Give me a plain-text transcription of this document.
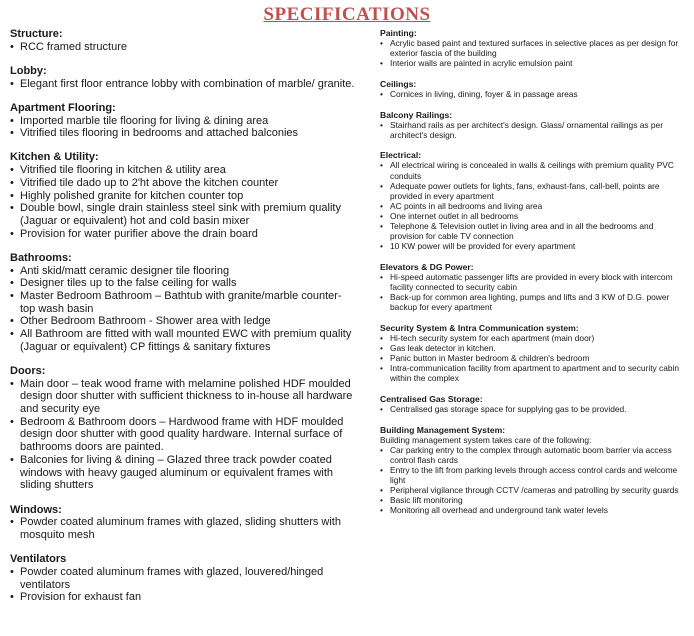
SPECIFICATIONS
Structure:
• RCC framed structure
Lobby:
• Elegant first floor entrance lobby with combination of marble/ granite.
Apartment Flooring:
• Imported marble tile flooring for living & dining area
• Vitrified tiles flooring in bedrooms and attached balconies
Kitchen & Utility:
• Vitrified tile flooring in kitchen & utility area
• Vitrified tile dado up to 2'ht above the kitchen counter
• Highly polished granite for kitchen counter top
• Double bowl, single drain stainless steel sink with premium quality (Jaguar or equivalent) hot and cold basin mixer
• Provision for water purifier above the drain board
Bathrooms:
• Anti skid/matt ceramic designer tile flooring
• Designer tiles up to the false ceiling for walls
• Master Bedroom Bathroom – Bathtub with granite/marble counter-top wash basin
• Other Bedroom Bathroom - Shower area with ledge
• All Bathroom are fitted with wall mounted EWC with premium quality (Jaguar or equivalent) CP fittings & sanitary fixtures
Doors:
• Main door – teak wood frame with melamine polished HDF moulded design door shutter with sufficient thickness to in-house all hardware and security eye
• Bedroom & Bathroom doors – Hardwood frame with HDF moulded design door shutter with good quality hardware. Internal surface of bathrooms doors are painted.
• Balconies for living & dining – Glazed three track powder coated windows with heavy gauged aluminum or equivalent frames with sliding shutters
Windows:
• Powder coated aluminum frames with glazed, sliding shutters with mosquito mesh
Ventilators
• Powder coated aluminum frames with glazed, louvered/hinged ventilators
• Provision for exhaust fan
Painting:
• Acrylic based paint and textured surfaces in selective places as per design for exterior fascia of the building
• Interior walls are painted in acrylic emulsion paint
Ceilings:
• Cornices in living, dining, foyer & in passage areas
Balcony Railings:
• Stairhand rails as per architect's design. Glass/ ornamental railings as per architect's design.
Electrical:
• All electrical wiring is concealed in walls & ceilings with premium quality PVC conduits
• Adequate power outlets for lights, fans, exhaust-fans, call-bell, points are provided in every apartment
• AC points in all bedrooms and living area
• One internet outlet in all bedrooms
• Telephone & Television outlet in living area and in all the bedrooms and provision for cable TV connection
• 10 KW power will be provided for every apartment
Elevators & DG Power:
• Hi-speed automatic passenger lifts are provided in every block with intercom facility connected to security cabin
• Back-up for common area lighting, pumps and lifts and 3 KW of D.G. power backup for every apartment
Security System & Intra Communication system:
• Hi-tech security system for each apartment (main door)
• Gas leak detector in kitchen.
• Panic button in Master bedroom & children's bedroom
• Intra-communication facility from apartment to apartment and to security cabin within the complex
Centralised Gas Storage:
• Centralised gas storage space for supplying gas to be provided.
Building Management System:
Building management system takes care of the following:
• Car parking entry to the complex through automatic boom barrier via access control flash cards
• Entry to the lift from parking levels through access control cards and welcome light
• Peripheral vigilance through CCTV /cameras and patrolling by security guards
• Basic lift monitoring
• Monitoring all overhead and underground tank water levels
